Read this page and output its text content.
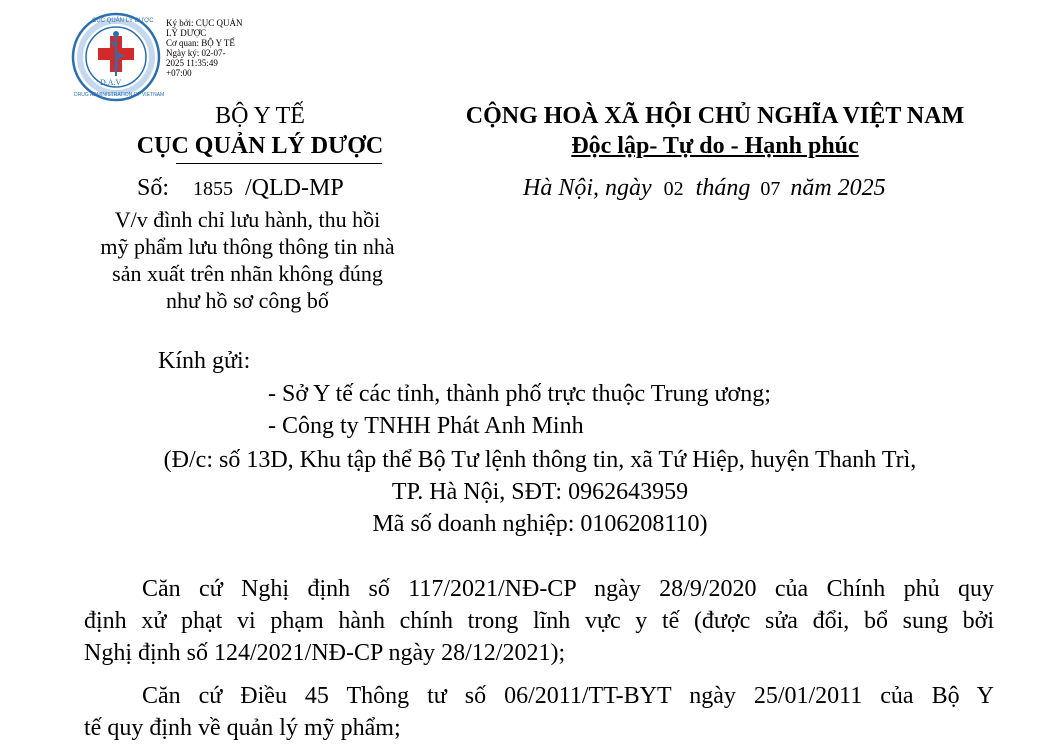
D.A.V
CỤC QUẢN LÝ DƯỢC
DRUG ADMINISTRATION OF VIETNAM
Ký bởi: CỤC QUẢN
LÝ DƯỢC
Cơ quan: BỘ Y TẾ
Ngày ký: 02-07-
2025 11:35:49
+07:00
BỘ Y TẾ
CỤC QUẢN LÝ DƯỢC
CỘNG HOÀ XÃ HỘI CHỦ NGHĨA VIỆT NAM
Độc lập- Tự do - Hạnh phúc
Số: 1855 /QLD-MP	Hà Nội, ngày 02 tháng 07 năm 2025
V/v đình chỉ lưu hành, thu hồi
mỹ phẩm lưu thông thông tin nhà
sản xuất trên nhãn không đúng
như hồ sơ công bố
Kính gửi:
- Sở Y tế các tỉnh, thành phố trực thuộc Trung ương;
- Công ty TNHH Phát Anh Minh
(Đ/c: số 13D, Khu tập thể Bộ Tư lệnh thông tin, xã Tứ Hiệp, huyện Thanh Trì,
TP. Hà Nội, SĐT: 0962643959
Mã số doanh nghiệp: 0106208110)
Căn cứ Nghị định số 117/2021/NĐ-CP ngày 28/9/2020 của Chính phủ quy
định xử phạt vi phạm hành chính trong lĩnh vực y tế (được sửa đổi, bổ sung bởi
Nghị định số 124/2021/NĐ-CP ngày 28/12/2021);
Căn cứ Điều 45 Thông tư số 06/2011/TT-BYT ngày 25/01/2011 của Bộ Y
tế quy định về quản lý mỹ phẩm;
